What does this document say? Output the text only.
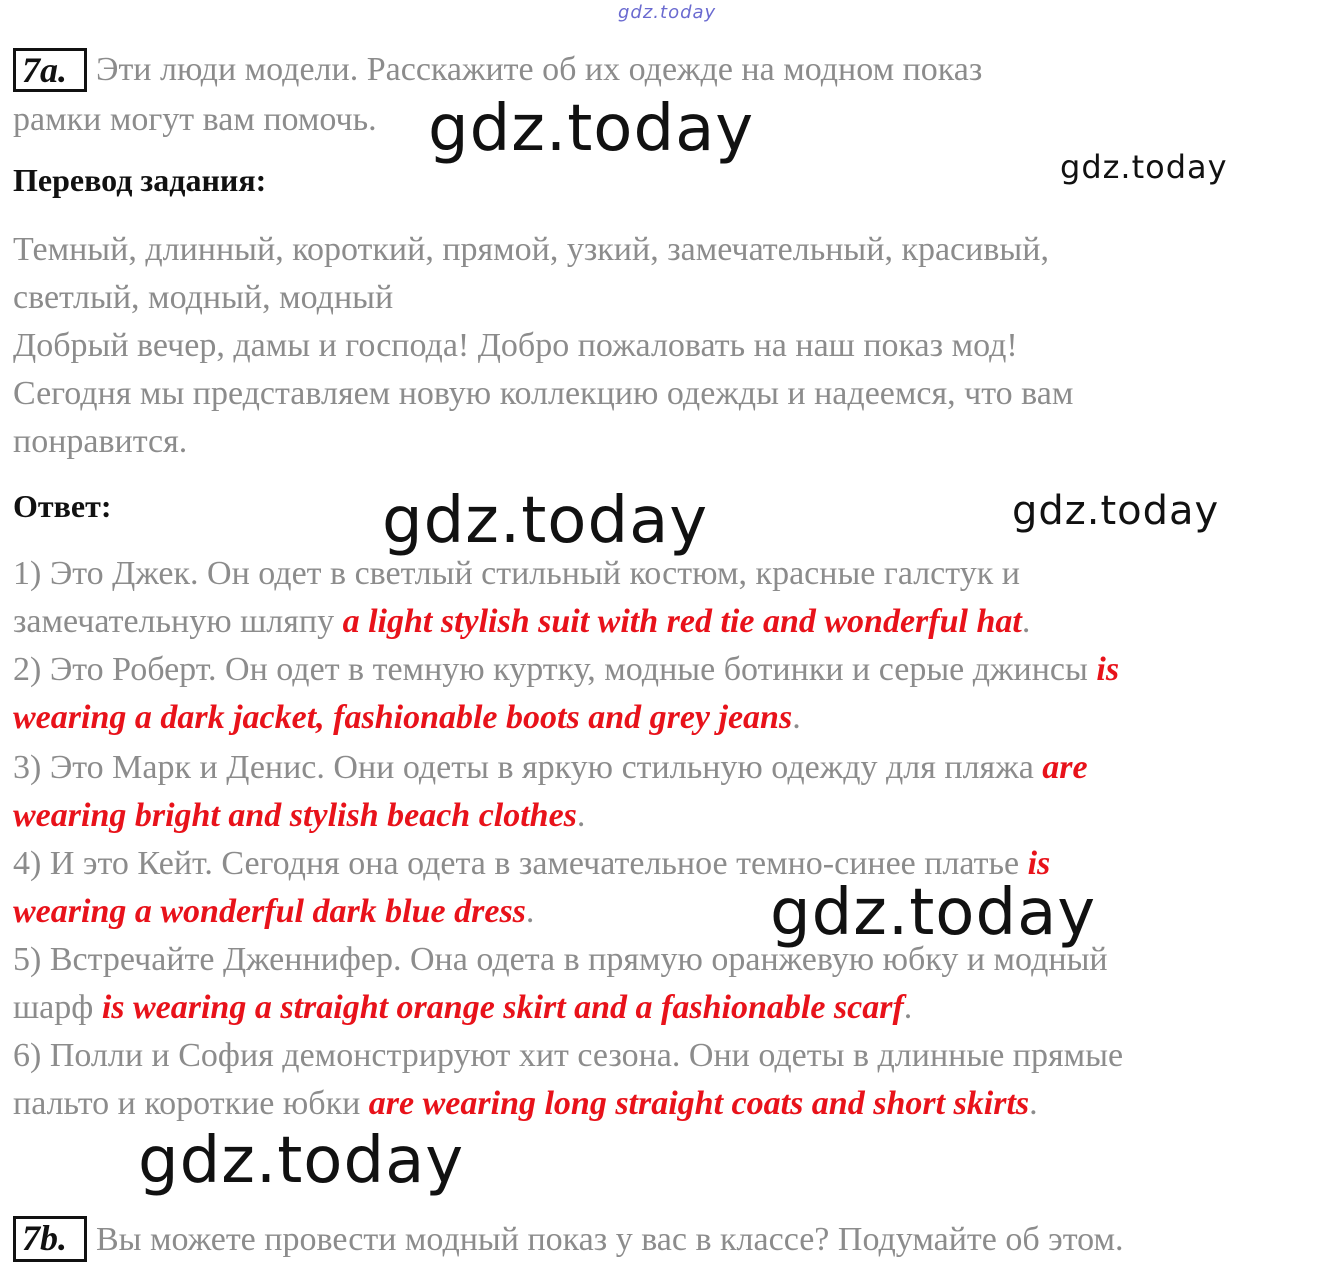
gdz.today
7a. Эти люди модели. Расскажите об их одежде на модном показ
рамки могут вам помочь. gdz.today
gdz.today
Перевод задания:
Темный, длинный, короткий, прямой, узкий, замечательный, красивый,
светлый, модный, модный
Добрый вечер, дамы и господа! Добро пожаловать на наш показ мод!
Сегодня мы представляем новую коллекцию одежды и надеемся, что вам
понравится.
Ответ:	gdz.today	gdz.today
1) Это Джек. Он одет в светлый стильный костюм, красные галстук и
замечательную шляпу a light stylish suit with red tie and wonderful hat.
2) Это Роберт. Он одет в темную куртку, модные ботинки и серые джинсы is
wearing a dark jacket, fashionable boots and grey jeans.
3) Это Марк и Денис. Они одеты в яркую стильную одежду для пляжа are
wearing bright and stylish beach clothes.
4) И это Кейт. Сегодня она одета в замечательное темно-синее платье is
wearing a wonderful dark blue dress.	gdz.today
5) Встречайте Дженнифер. Она одета в прямую оранжевую юбку и модный
шарф is wearing a straight orange skirt and a fashionable scarf.
6) Полли и София демонстрируют хит сезона. Они одеты в длинные прямые
пальто и короткие юбки are wearing long straight coats and short skirts.
gdz.today
7b. Вы можете провести модный показ у вас в классе? Подумайте об этом.
